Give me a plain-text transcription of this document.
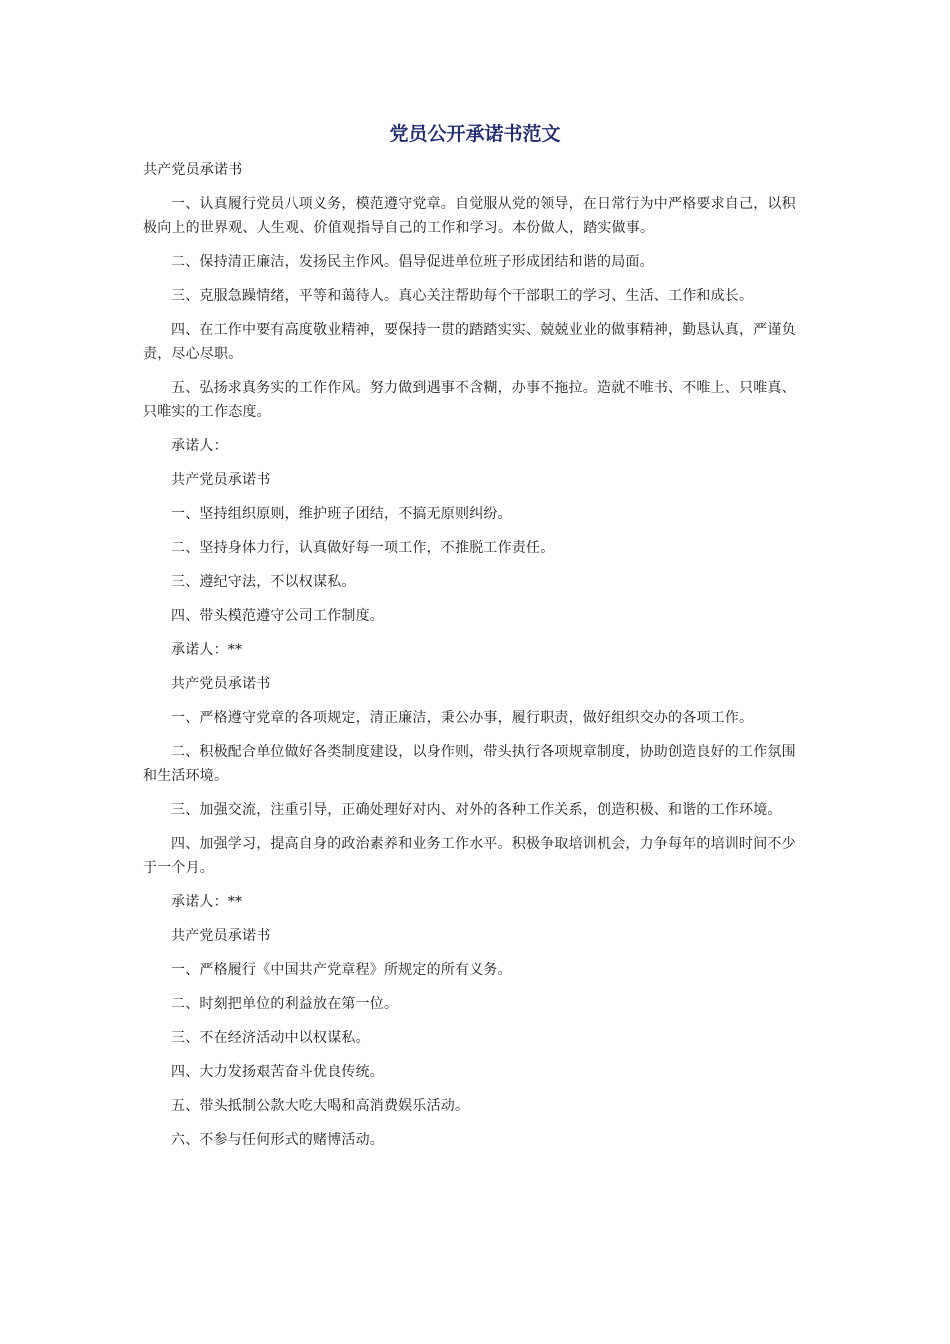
党员公开承诺书范文

共产党员承诺书

一、认真履行党员八项义务，模范遵守党章。自觉服从党的领导，在日常行为中严格要求自己，以积极向上的世界观、人生观、价值观指导自己的工作和学习。本份做人，踏实做事。

二、保持清正廉洁，发扬民主作风。倡导促进单位班子形成团结和谐的局面。

三、克服急躁情绪，平等和蔼待人。真心关注帮助每个干部职工的学习、生活、工作和成长。

四、在工作中要有高度敬业精神，要保持一贯的踏踏实实、兢兢业业的做事精神，勤恳认真，严谨负责，尽心尽职。

五、弘扬求真务实的工作作风。努力做到遇事不含糊，办事不拖拉。造就不唯书、不唯上、只唯真、只唯实的工作态度。

承诺人：

共产党员承诺书

一、坚持组织原则，维护班子团结，不搞无原则纠纷。

二、坚持身体力行，认真做好每一项工作，不推脱工作责任。

三、遵纪守法，不以权谋私。

四、带头模范遵守公司工作制度。

承诺人：**

共产党员承诺书

一、严格遵守党章的各项规定，清正廉洁，秉公办事，履行职责，做好组织交办的各项工作。

二、积极配合单位做好各类制度建设，以身作则，带头执行各项规章制度，协助创造良好的工作氛围和生活环境。

三、加强交流，注重引导，正确处理好对内、对外的各种工作关系，创造积极、和谐的工作环境。

四、加强学习，提高自身的政治素养和业务工作水平。积极争取培训机会，力争每年的培训时间不少于一个月。

承诺人：**

共产党员承诺书

一、严格履行《中国共产党章程》所规定的所有义务。

二、时刻把单位的利益放在第一位。

三、不在经济活动中以权谋私。

四、大力发扬艰苦奋斗优良传统。

五、带头抵制公款大吃大喝和高消费娱乐活动。

六、不参与任何形式的赌博活动。
